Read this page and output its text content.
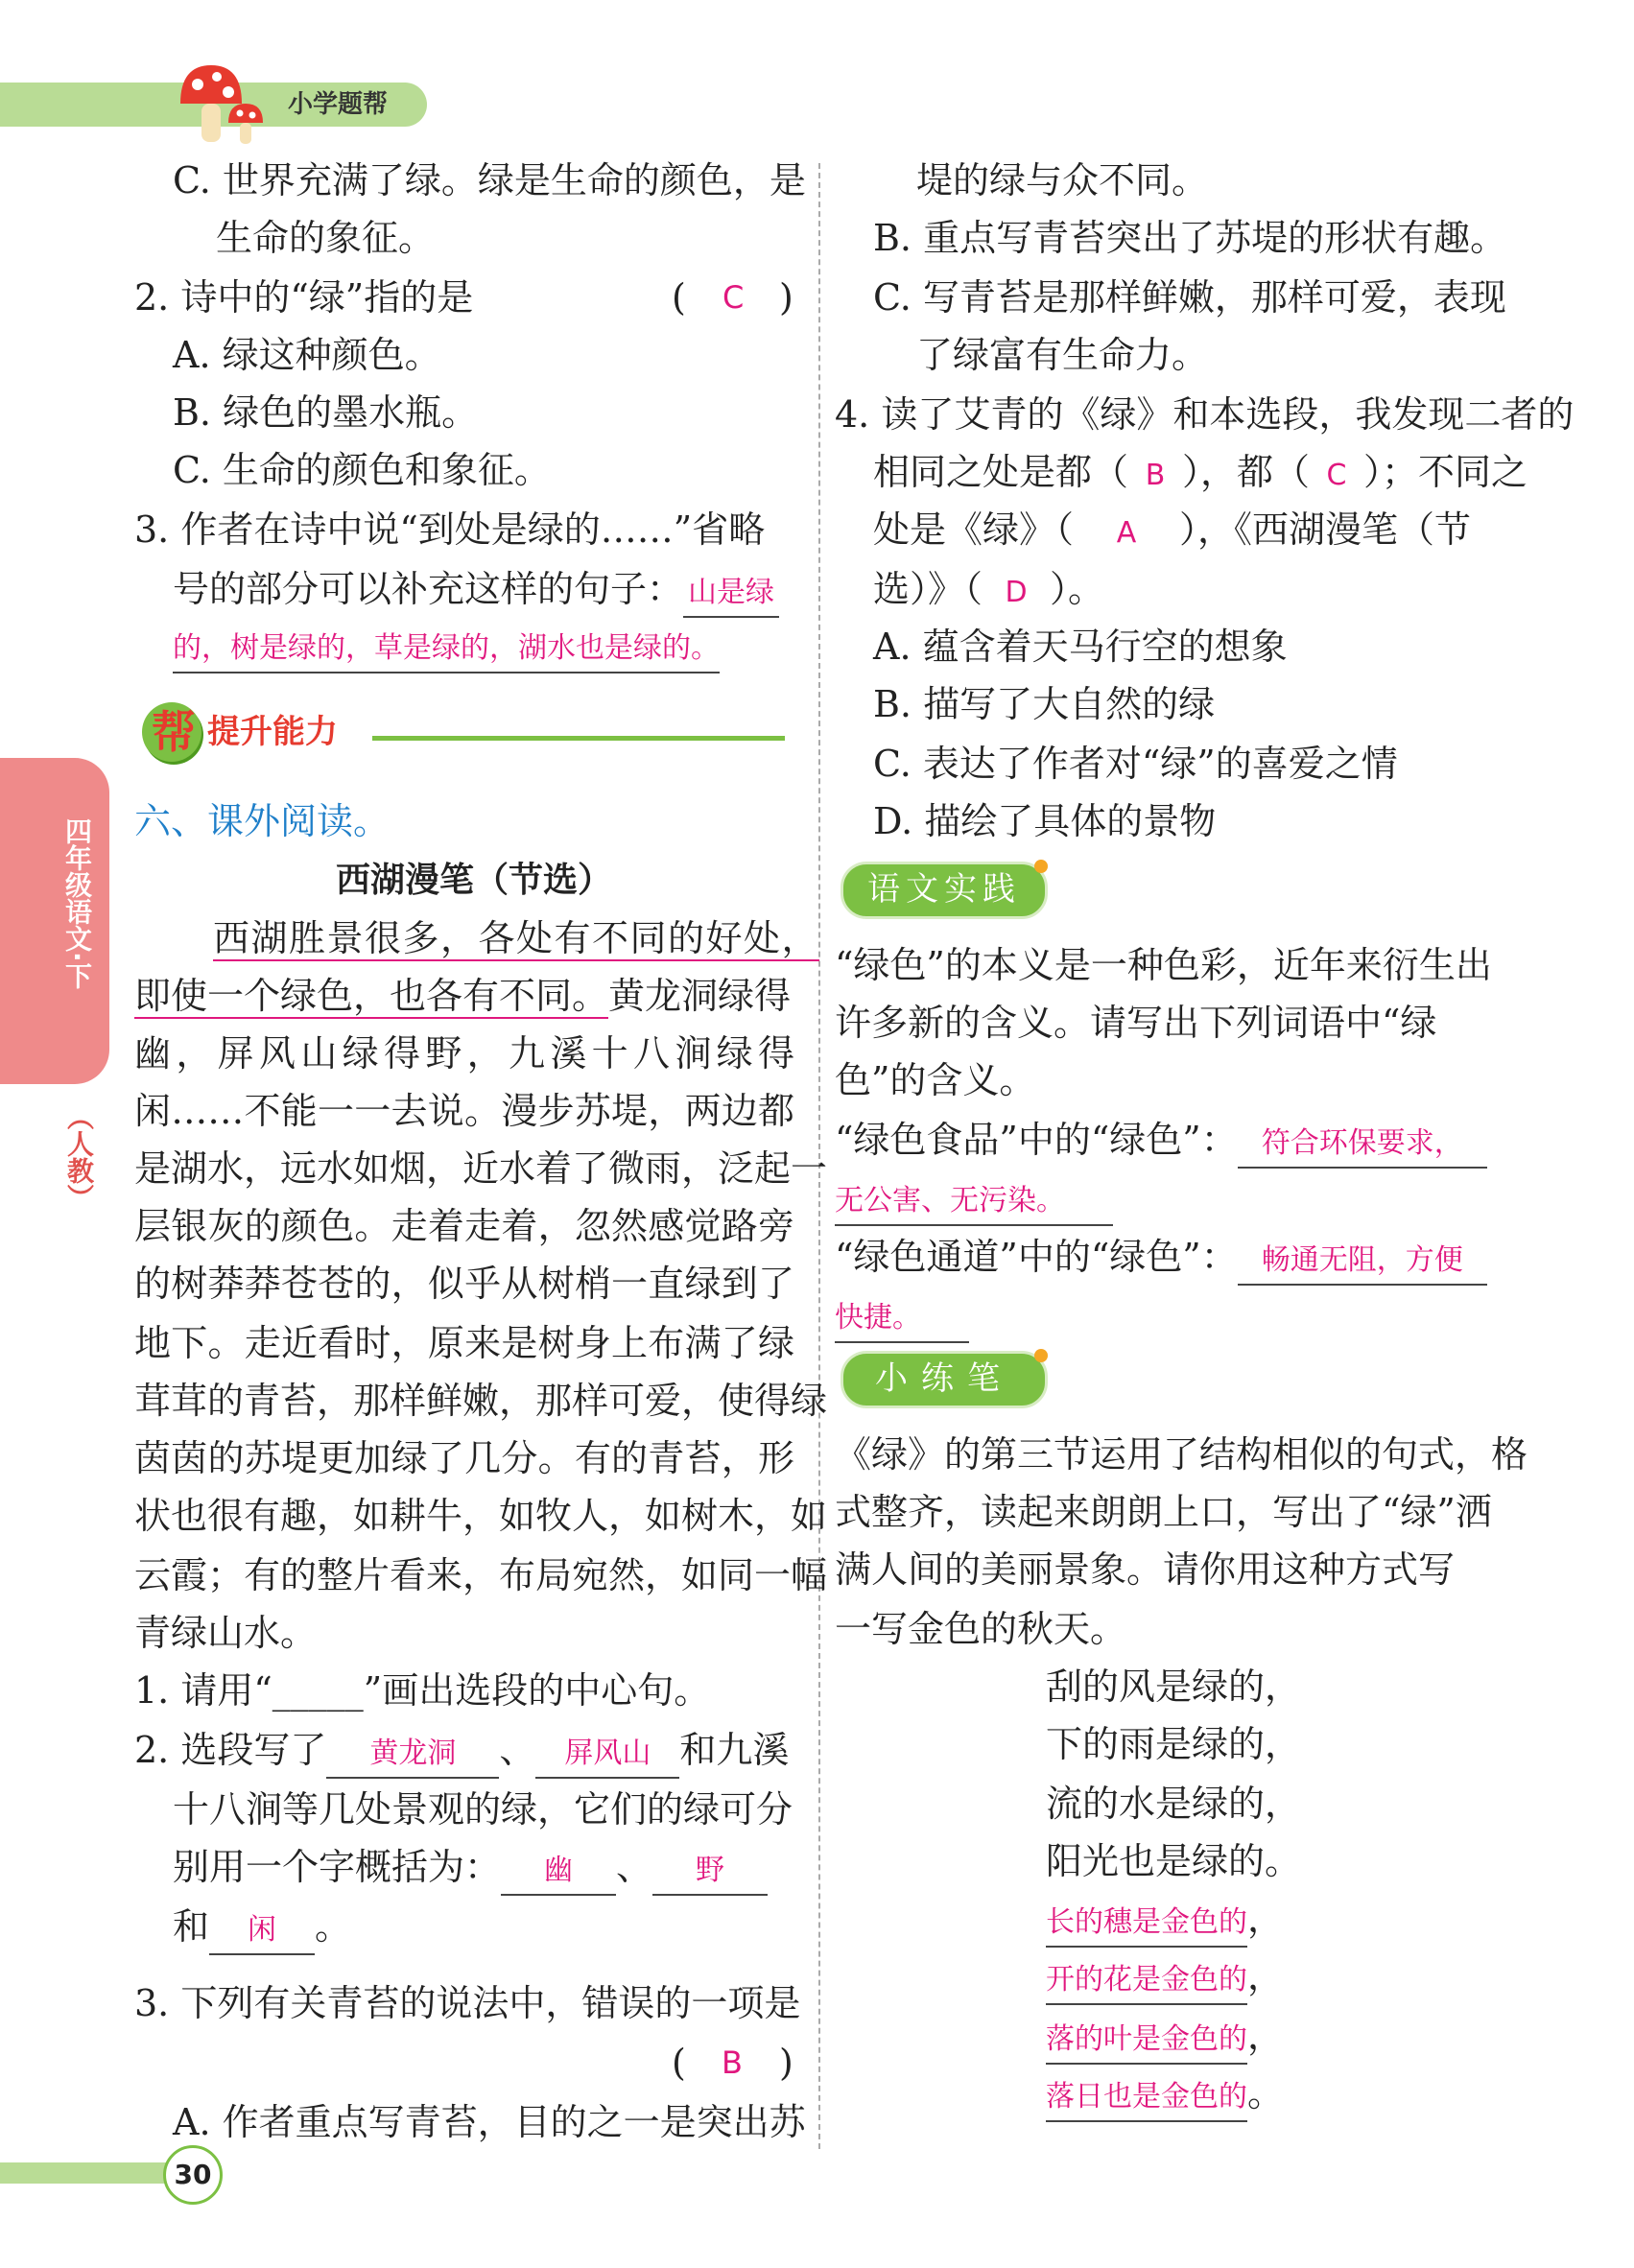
小学题帮
四年级语文·下
（人教）
C. 世界充满了绿。绿是生命的颜色，是
生命的象征。
2. 诗中的“绿”指的是	( C )
A. 绿这种颜色。
B. 绿色的墨水瓶。
C. 生命的颜色和象征。
3. 作者在诗中说“到处是绿的……”省略
号的部分可以补充这样的句子： 山是绿
的，树是绿的，草是绿的，湖水也是绿的。
帮 提升能力
六、课外阅读。
西湖漫笔（节选）
西湖胜景很多，各处有不同的好处，
即使一个绿色，也各有不同。黄龙洞绿得
幽，屏风山绿得野，九溪十八涧绿得
闲……不能一一去说。漫步苏堤，两边都
是湖水，远水如烟，近水着了微雨，泛起一
层银灰的颜色。走着走着，忽然感觉路旁
的树莽莽苍苍的，似乎从树梢一直绿到了
地下。走近看时，原来是树身上布满了绿
茸茸的青苔，那样鲜嫩，那样可爱，使得绿
茵茵的苏堤更加绿了几分。有的青苔，形
状也很有趣，如耕牛，如牧人，如树木，如
云霞；有的整片看来，布局宛然，如同一幅
青绿山水。
1. 请用“_____”画出选段的中心句。
2. 选段写了 黄龙洞 、 屏风山 和九溪
十八涧等几处景观的绿，它们的绿可分
别用一个字概括为： 幽 、 野
和 闲 。
3. 下列有关青苔的说法中，错误的一项是
( B )
A. 作者重点写青苔，目的之一是突出苏
堤的绿与众不同。
B. 重点写青苔突出了苏堤的形状有趣。
C. 写青苔是那样鲜嫩，那样可爱，表现
了绿富有生命力。
4. 读了艾青的《绿》和本选段，我发现二者的
相同之处是都（ B ），都（ C ）；不同之
处是《绿》（ A ），《西湖漫笔（节
选）》（ D ）。
A. 蕴含着天马行空的想象
B. 描写了大自然的绿
C. 表达了作者对“绿”的喜爱之情
D. 描绘了具体的景物
语文实践
“绿色”的本义是一种色彩，近年来衍生出
许多新的含义。请写出下列词语中“绿
色”的含义。
“绿色食品”中的“绿色”： 符合环保要求，
无公害、无污染。
“绿色通道”中的“绿色”： 畅通无阻，方便
快捷。
小练笔
《绿》的第三节运用了结构相似的句式，格
式整齐，读起来朗朗上口，写出了“绿”洒
满人间的美丽景象。请你用这种方式写
一写金色的秋天。
刮的风是绿的，
下的雨是绿的，
流的水是绿的，
阳光也是绿的。
长的穗是金色的，
开的花是金色的，
落的叶是金色的，
落日也是金色的。
30
